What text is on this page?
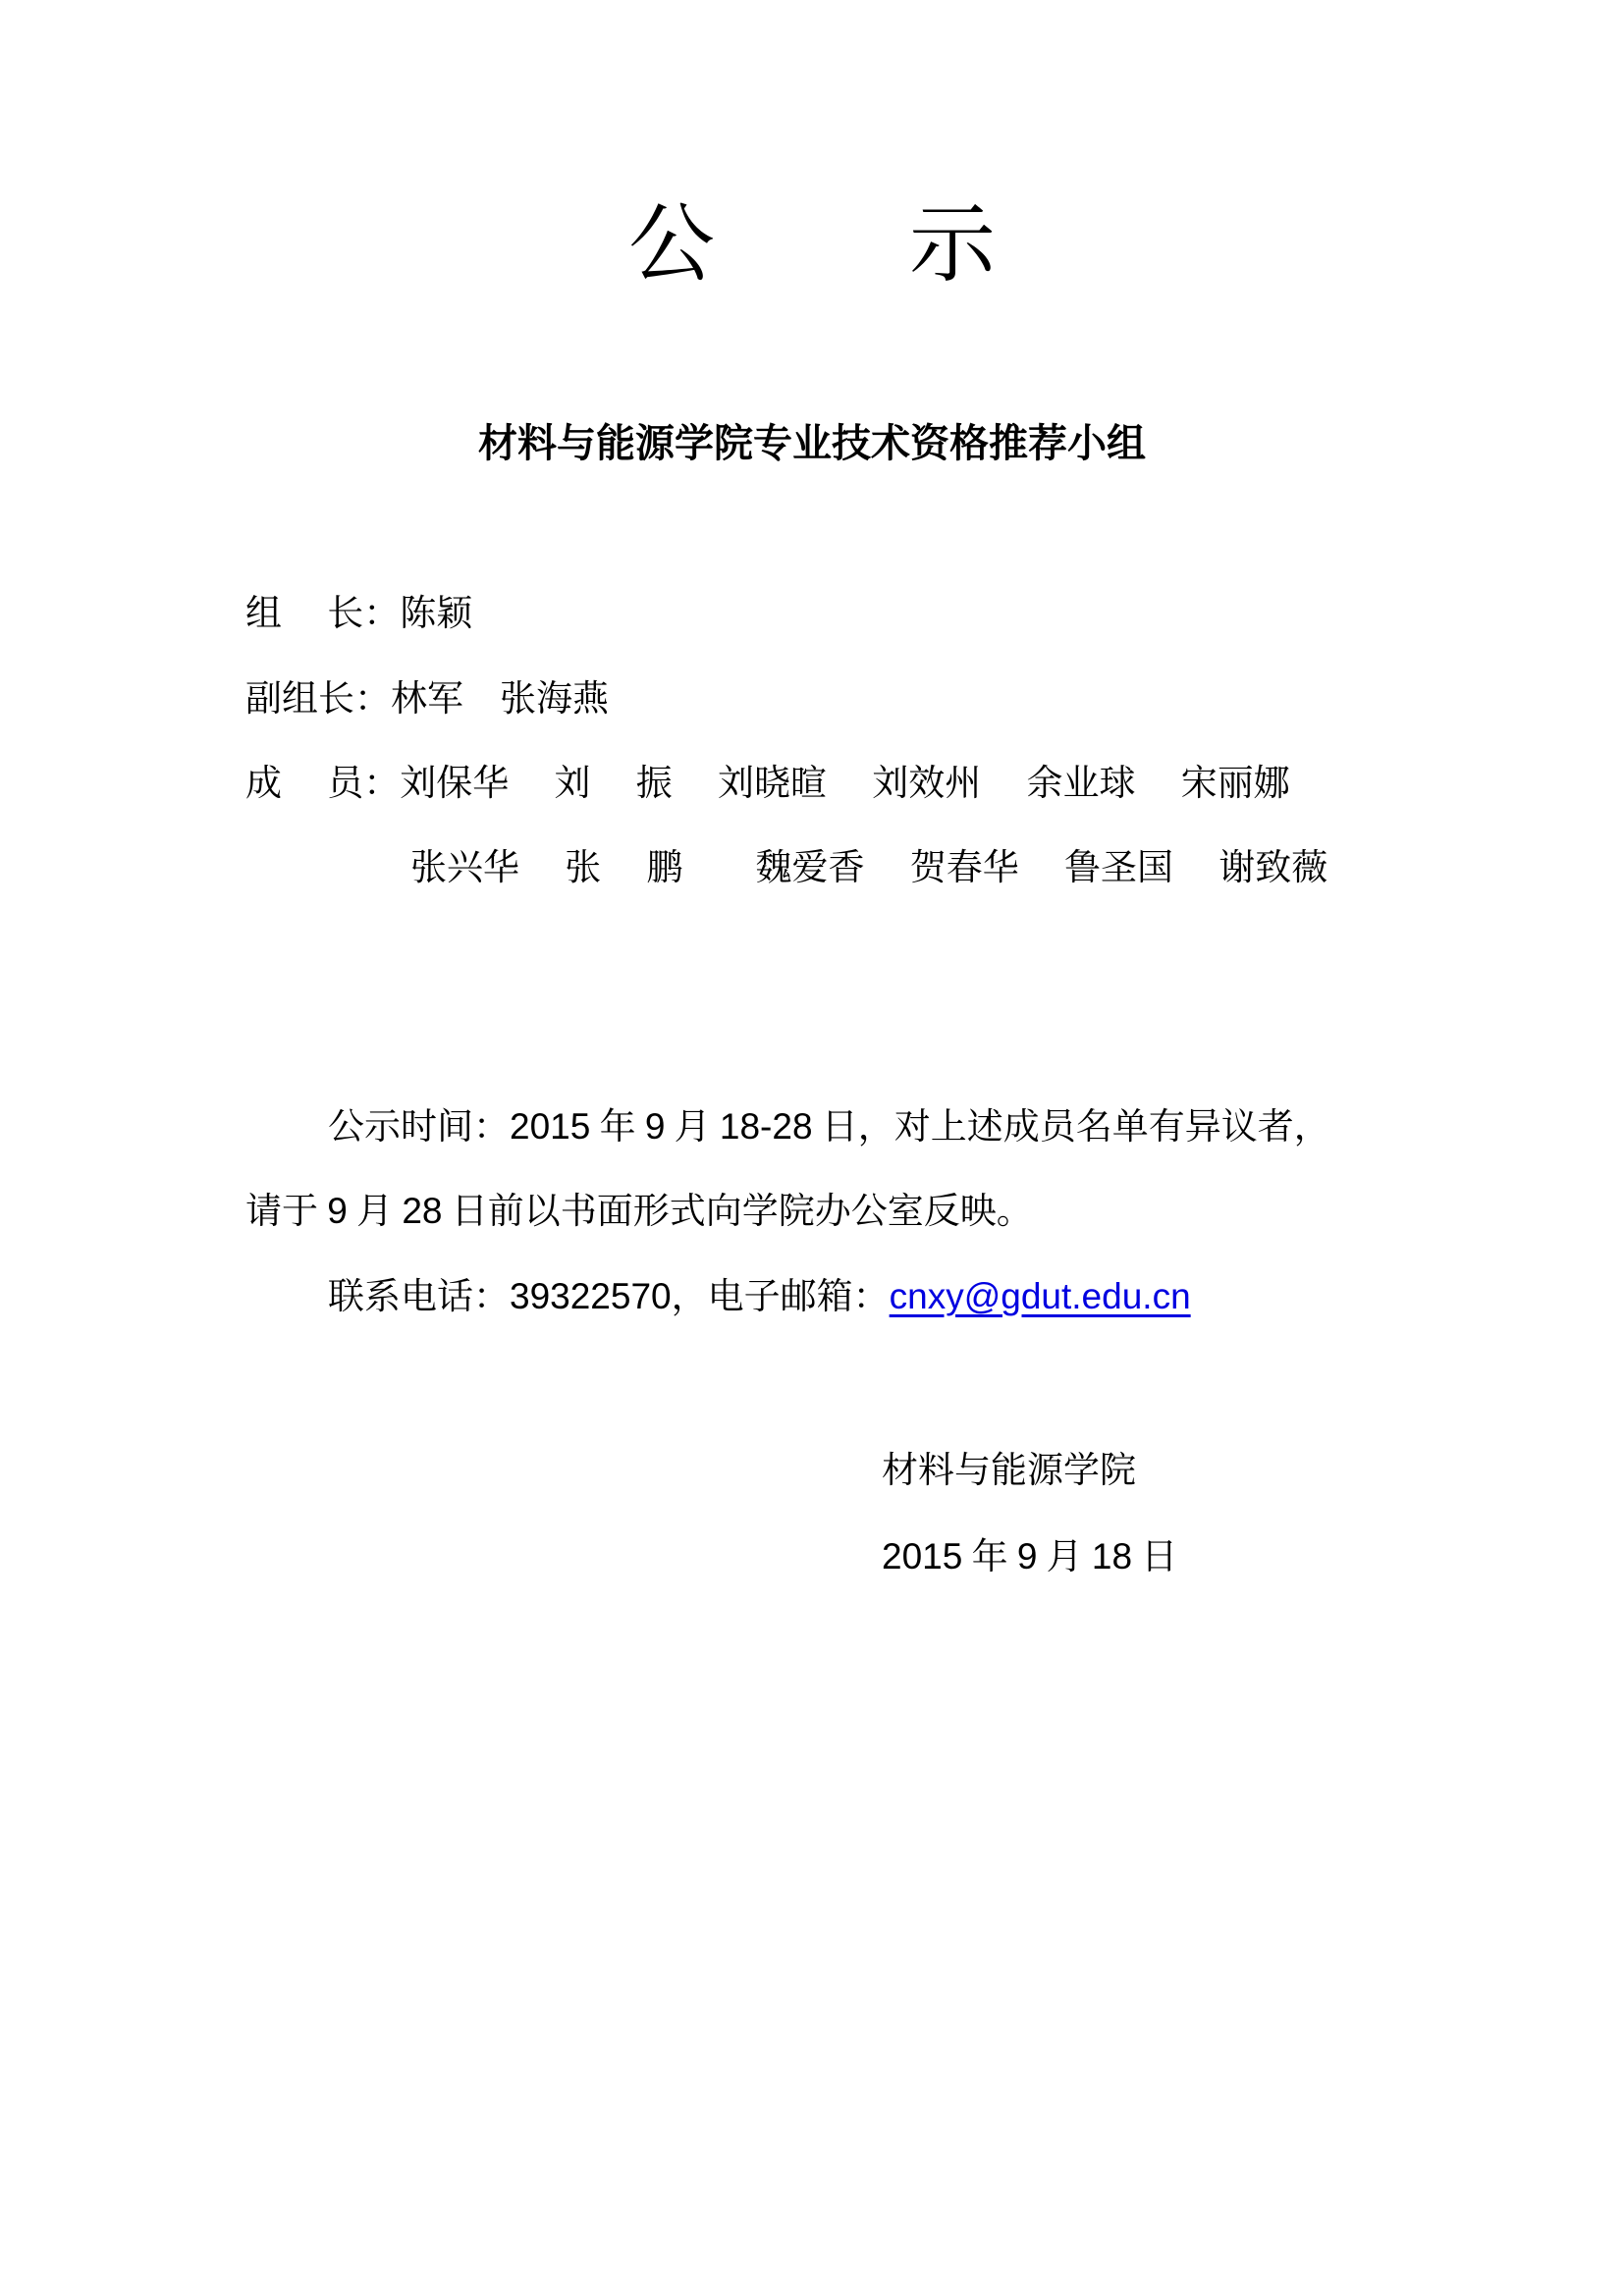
公　　 示
材料与能源学院专业技术资格推荐小组
组　 长：陈颖
副组长：林军　张海燕
成　 员：刘保华　 刘　 振　 刘晓暄　 刘效州　 余业球　 宋丽娜
张兴华　 张　 鹏　　魏爱香　 贺春华　 鲁圣国　 谢致薇
公示时间：2015 年 9 月 18-28 日，对上述成员名单有异议者，
请于 9 月 28 日前以书面形式向学院办公室反映。
联系电话：39322570，电子邮箱：cnxy@gdut.edu.cn
材料与能源学院
2015 年 9 月 18 日
